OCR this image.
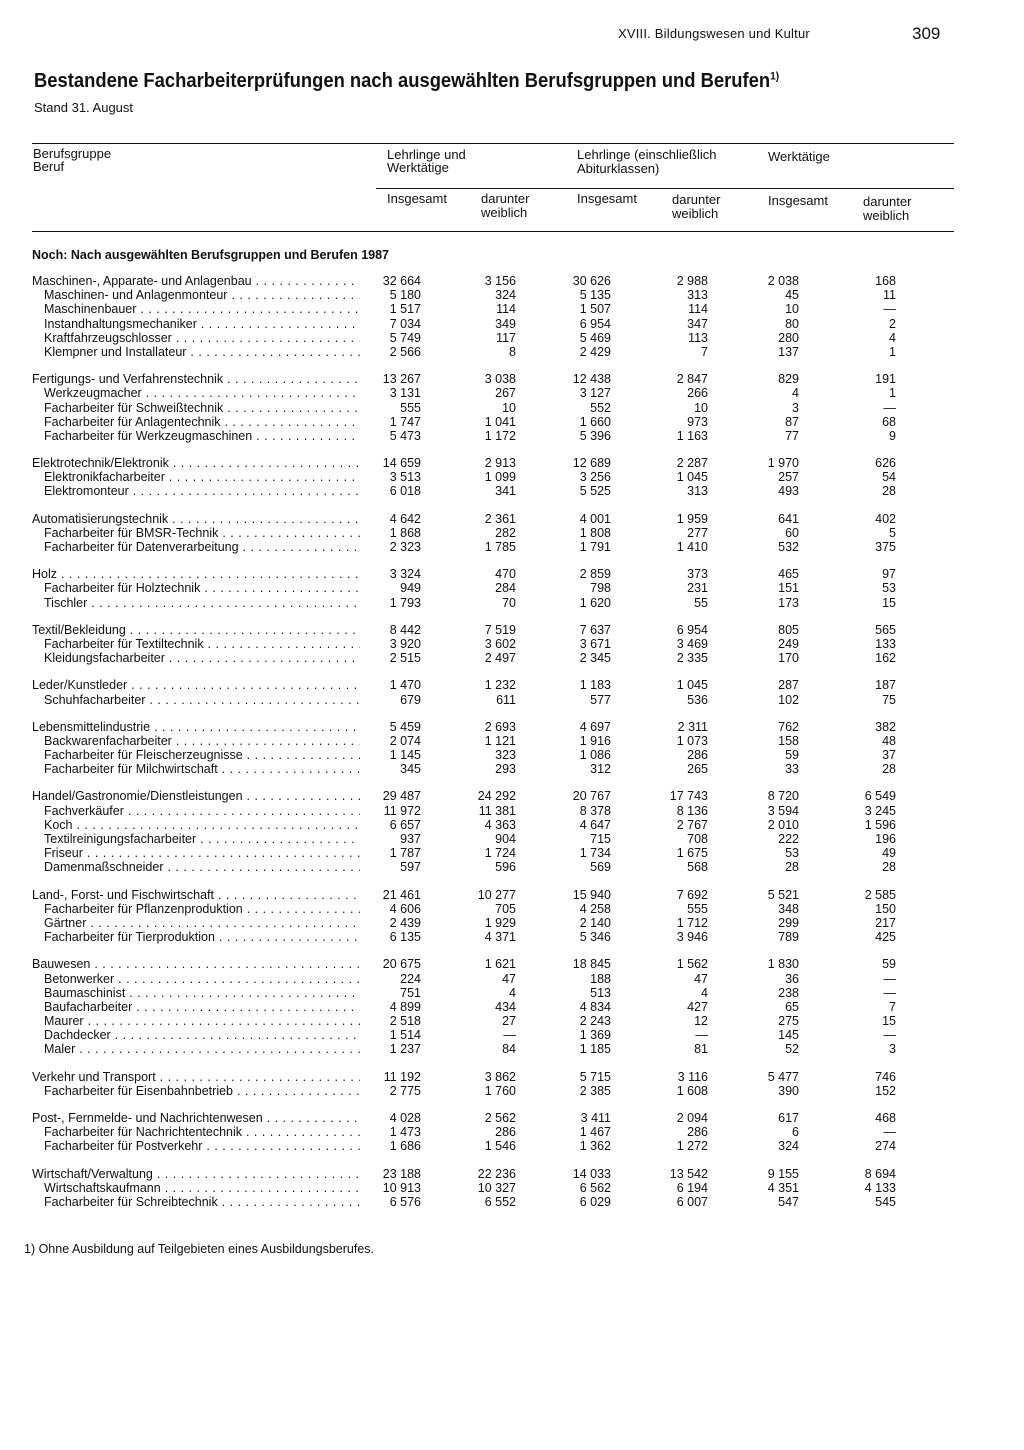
XVIII. Bildungswesen und Kultur	309
Bestandene Facharbeiterprüfungen nach ausgewählten Berufsgruppen und Berufen$^{1)}$
Stand 31. August
Berufsgruppe
Beruf
Lehrlinge und
Werktätige
Lehrlinge (einschließlich
Abiturklassen)
Werktätige
Insgesamt	darunter
weiblich
Insgesamt	darunter
weiblich
Insgesamt	darunter
weiblich
Noch: Nach ausgewählten Berufsgruppen und Berufen 1987
Maschinen-, Apparate- und Anlagenbau . . .	32 664	3 156	30 626	2 988	2 038	168
Maschinen- und Anlagenmonteur . . .	5 180	324	5 135	313	45	11
Maschinenbauer . . .	1 517	114	1 507	114	10	—
Instandhaltungsmechaniker . . .	7 034	349	6 954	347	80	2
Kraftfahrzeugschlosser . . .	5 749	117	5 469	113	280	4
Klempner und Installateur . . .	2 566	8	2 429	7	137	1
Fertigungs- und Verfahrenstechnik . . .	13 267	3 038	12 438	2 847	829	191
Werkzeugmacher . . .	3 131	267	3 127	266	4	1
Facharbeiter für Schweißtechnik . . .	555	10	552	10	3	—
Facharbeiter für Anlagentechnik . . .	1 747	1 041	1 660	973	87	68
Facharbeiter für Werkzeugmaschinen . . .	5 473	1 172	5 396	1 163	77	9
Elektrotechnik/Elektronik . . .	14 659	2 913	12 689	2 287	1 970	626
Elektronikfacharbeiter . . .	3 513	1 099	3 256	1 045	257	54
Elektromonteur . . .	6 018	341	5 525	313	493	28
Automatisierungstechnik . . .	4 642	2 361	4 001	1 959	641	402
Facharbeiter für BMSR-Technik . . .	1 868	282	1 808	277	60	5
Facharbeiter für Datenverarbeitung . . .	2 323	1 785	1 791	1 410	532	375
Holz . . .	3 324	470	2 859	373	465	97
Facharbeiter für Holztechnik . . .	949	284	798	231	151	53
Tischler . . .	1 793	70	1 620	55	173	15
Textil/Bekleidung . . .	8 442	7 519	7 637	6 954	805	565
Facharbeiter für Textiltechnik . . .	3 920	3 602	3 671	3 469	249	133
Kleidungsfacharbeiter . . .	2 515	2 497	2 345	2 335	170	162
Leder/Kunstleder . . .	1 470	1 232	1 183	1 045	287	187
Schuhfacharbeiter . . .	679	611	577	536	102	75
Lebensmittelindustrie . . .	5 459	2 693	4 697	2 311	762	382
Backwarenfacharbeiter . . .	2 074	1 121	1 916	1 073	158	48
Facharbeiter für Fleischerzeugnisse . . .	1 145	323	1 086	286	59	37
Facharbeiter für Milchwirtschaft . . .	345	293	312	265	33	28
Handel/Gastronomie/Dienstleistungen . . .	29 487	24 292	20 767	17 743	8 720	6 549
Fachverkäufer . . .	11 972	11 381	8 378	8 136	3 594	3 245
Koch . . .	6 657	4 363	4 647	2 767	2 010	1 596
Textilreinigungsfacharbeiter . . .	937	904	715	708	222	196
Friseur . . .	1 787	1 724	1 734	1 675	53	49
Damenmaßschneider . . .	597	596	569	568	28	28
Land-, Forst- und Fischwirtschaft . . .	21 461	10 277	15 940	7 692	5 521	2 585
Facharbeiter für Pflanzenproduktion . . .	4 606	705	4 258	555	348	150
Gärtner . . .	2 439	1 929	2 140	1 712	299	217
Facharbeiter für Tierproduktion . . .	6 135	4 371	5 346	3 946	789	425
Bauwesen . . .	20 675	1 621	18 845	1 562	1 830	59
Betonwerker . . .	224	47	188	47	36	—
Baumaschinist . . .	751	4	513	4	238	—
Baufacharbeiter . . .	4 899	434	4 834	427	65	7
Maurer . . .	2 518	27	2 243	12	275	15
Dachdecker . . .	1 514	—	1 369	—	145	—
Maler . . .	1 237	84	1 185	81	52	3
Verkehr und Transport . . .	11 192	3 862	5 715	3 116	5 477	746
Facharbeiter für Eisenbahnbetrieb . . .	2 775	1 760	2 385	1 608	390	152
Post-, Fernmelde- und Nachrichtenwesen . . .	4 028	2 562	3 411	2 094	617	468
Facharbeiter für Nachrichtentechnik . . .	1 473	286	1 467	286	6	—
Facharbeiter für Postverkehr . . .	1 686	1 546	1 362	1 272	324	274
Wirtschaft/Verwaltung . . .	23 188	22 236	14 033	13 542	9 155	8 694
Wirtschaftskaufmann . . .	10 913	10 327	6 562	6 194	4 351	4 133
Facharbeiter für Schreibtechnik . . .	6 576	6 552	6 029	6 007	547	545
1) Ohne Ausbildung auf Teilgebieten eines Ausbildungsberufes.
